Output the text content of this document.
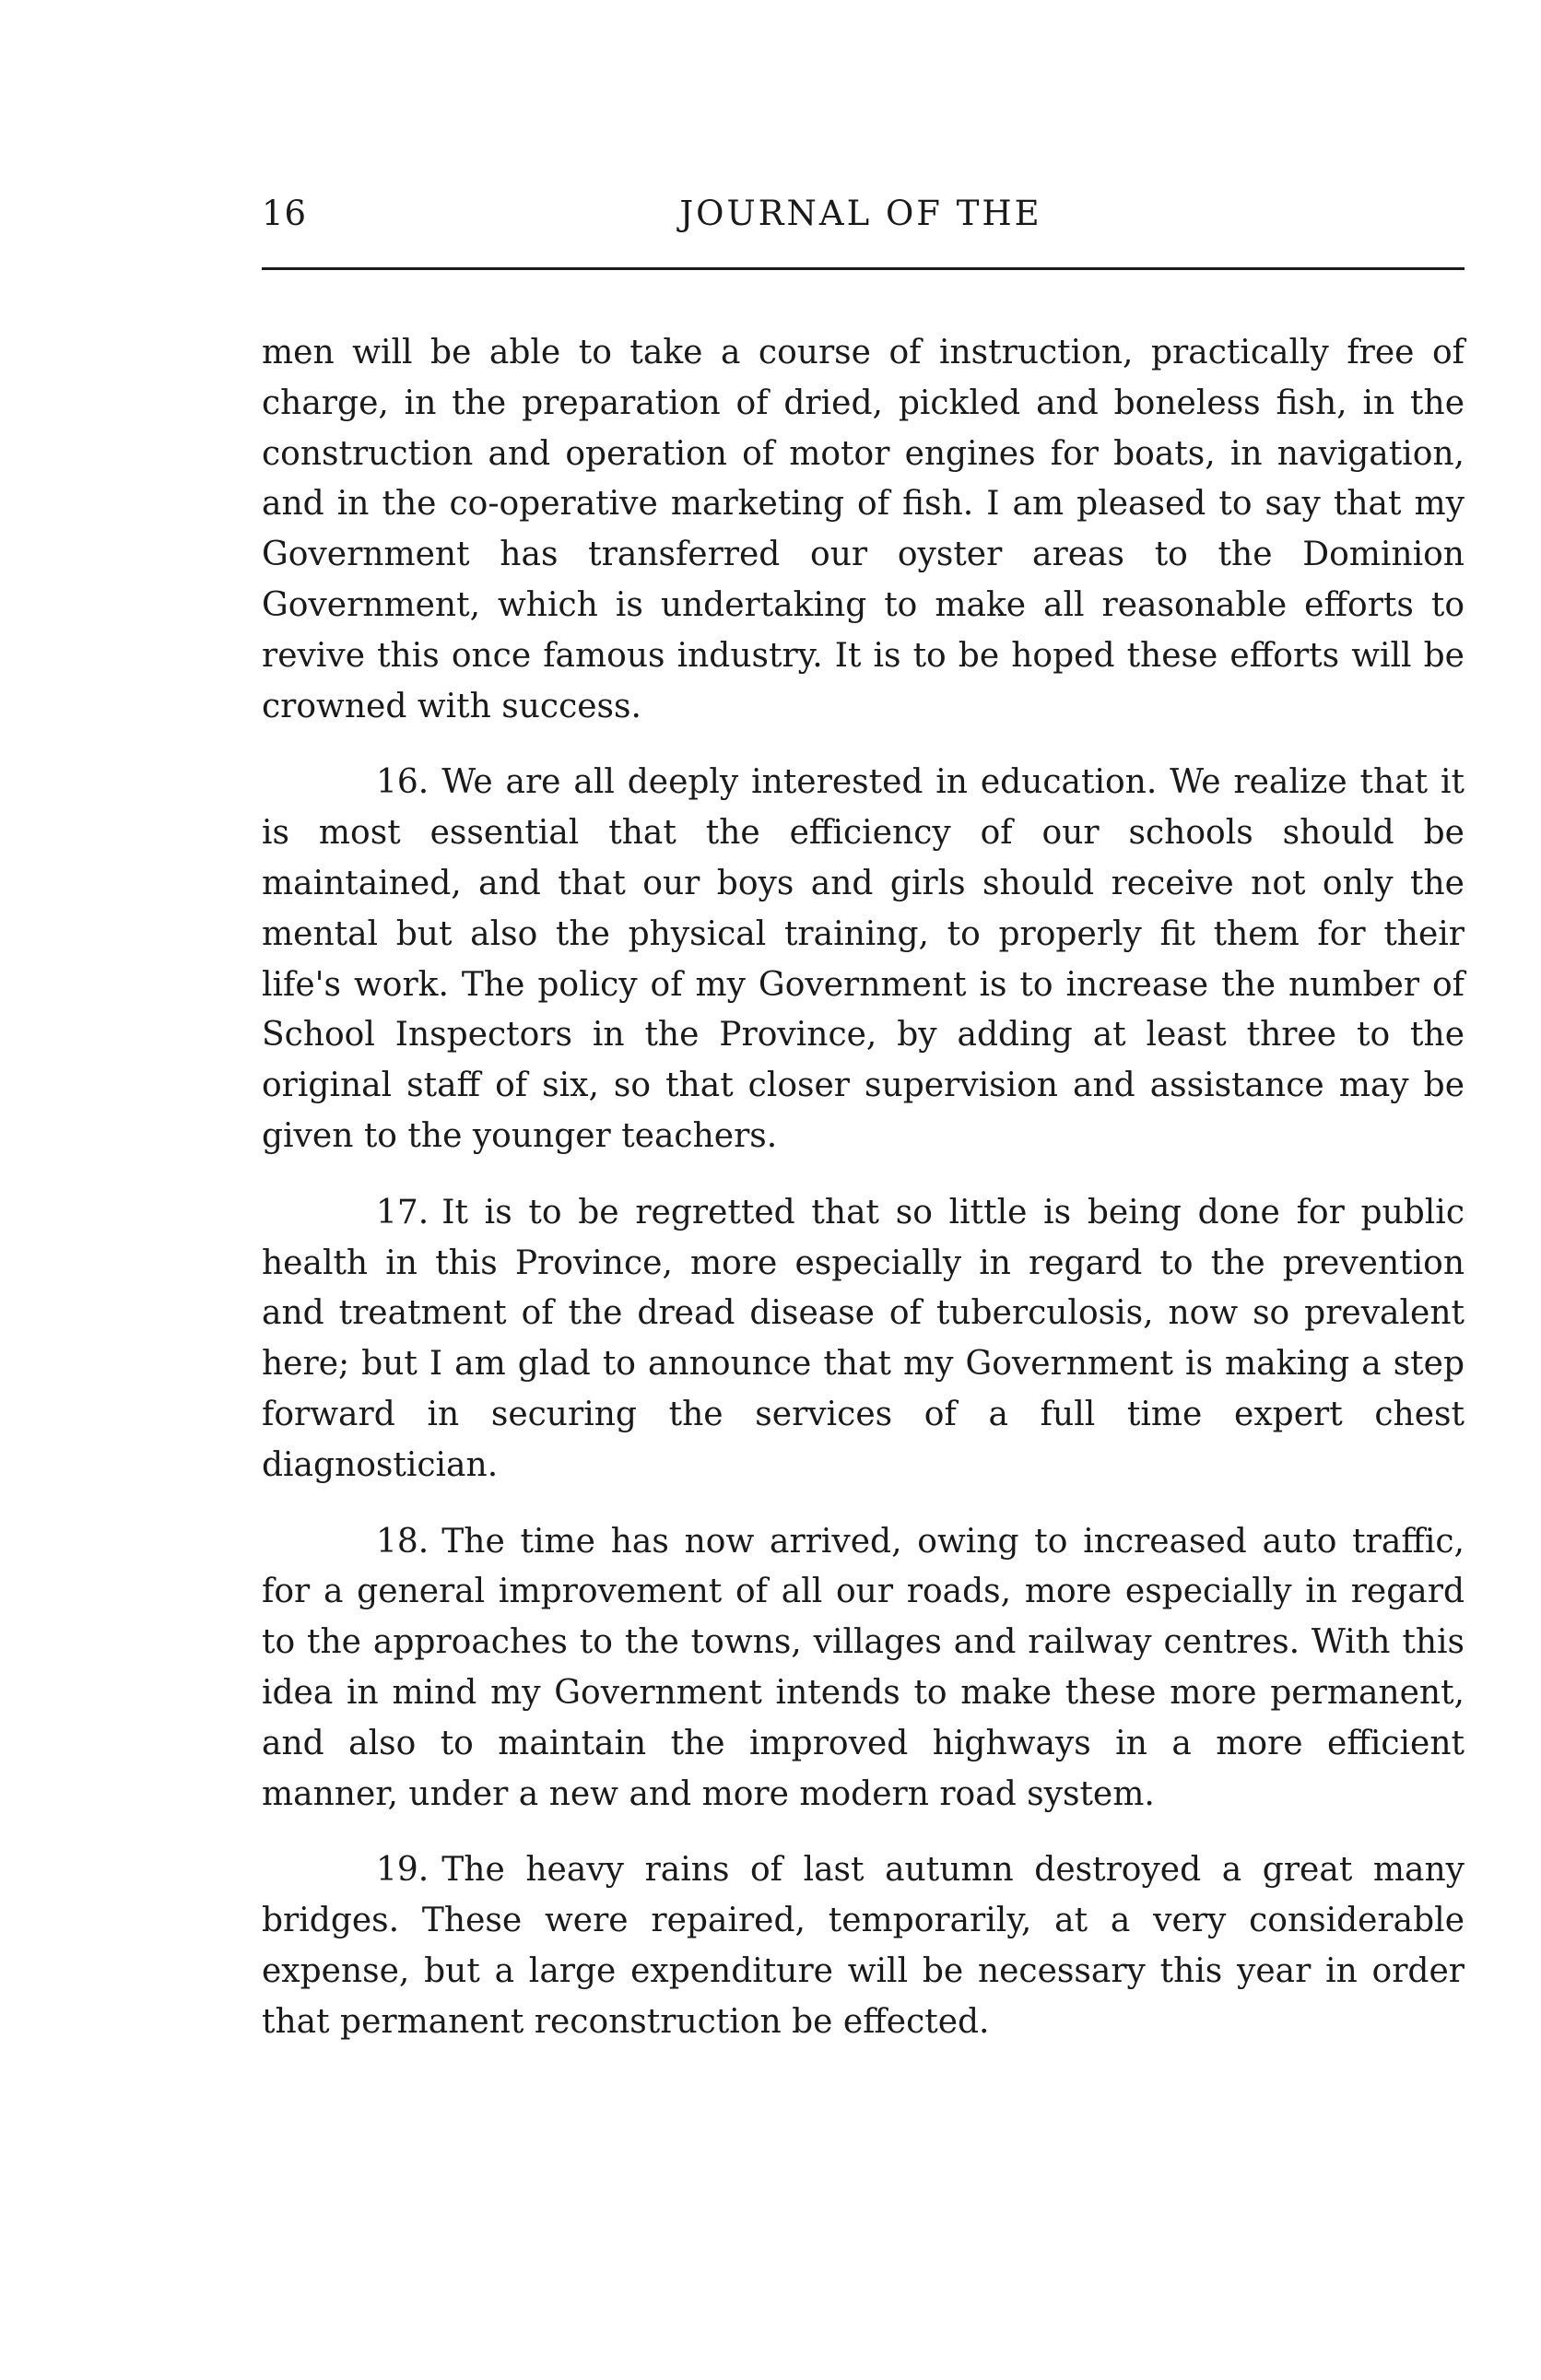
16	JOURNAL OF THE

men will be able to take a course of instruction, practically free of charge, in the preparation of dried, pickled and boneless fish, in the construction and operation of motor engines for boats, in navigation, and in the co-operative marketing of fish. I am pleased to say that my Government has transferred our oyster areas to the Dominion Government, which is undertaking to make all reasonable efforts to revive this once famous industry. It is to be hoped these efforts will be crowned with success.

16. We are all deeply interested in education. We realize that it is most essential that the efficiency of our schools should be maintained, and that our boys and girls should receive not only the mental but also the physical training, to properly fit them for their life's work. The policy of my Government is to increase the number of School Inspectors in the Province, by adding at least three to the original staff of six, so that closer supervision and assistance may be given to the younger teachers.

17. It is to be regretted that so little is being done for public health in this Province, more especially in regard to the prevention and treatment of the dread disease of tuberculosis, now so prevalent here; but I am glad to announce that my Government is making a step forward in securing the services of a full time expert chest diagnostician.

18. The time has now arrived, owing to increased auto traffic, for a general improvement of all our roads, more especially in regard to the approaches to the towns, villages and railway centres. With this idea in mind my Government intends to make these more permanent, and also to maintain the improved highways in a more efficient manner, under a new and more modern road system.

19. The heavy rains of last autumn destroyed a great many bridges. These were repaired, temporarily, at a very considerable expense, but a large expenditure will be necessary this year in order that permanent reconstruction be effected.
